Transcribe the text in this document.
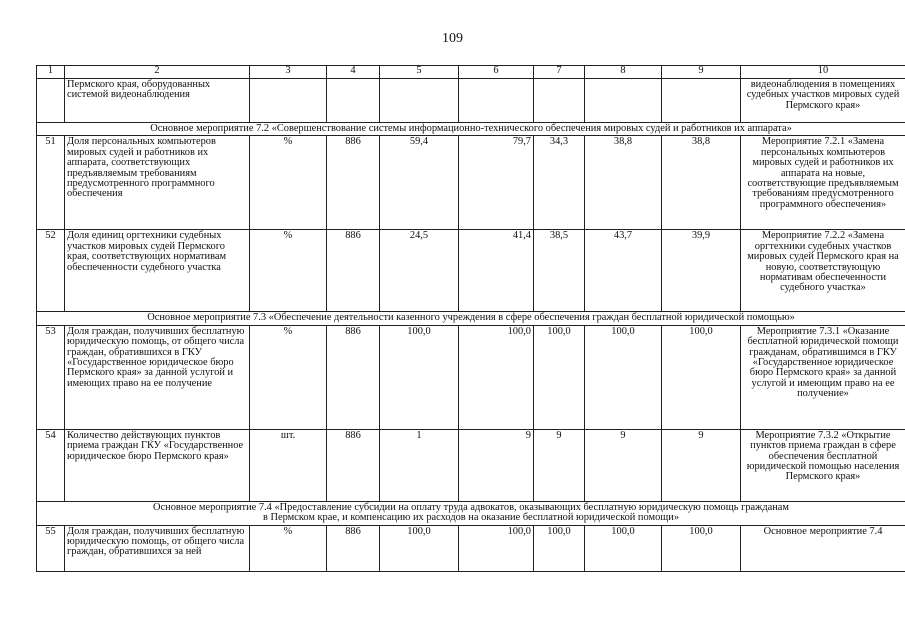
109
1	2	3	4	5	6	7	8	9	10
	Пермского края, оборудованных системой видеонаблюдения								видеонаблюдения в помещениях судебных участков мировых судей Пермского края»
Основное мероприятие 7.2 «Совершенствование системы информационно-технического обеспечения мировых судей и работников их аппарата»									
51	Доля персональных компьютеров мировых судей и работников их аппарата, соответствующих предъявляемым требованиям предусмотренного программного обеспечения	%	886	59,4	79,7	34,3	38,8	38,8	Мероприятие 7.2.1 «Замена персональных компьютеров мировых судей и работников их аппарата на новые, соответствующие предъявляемым требованиям предусмотренного программного обеспечения»
52	Доля единиц оргтехники судебных участков мировых судей Пермского края, соответствующих нормативам обеспеченности судебного участка	%	886	24,5	41,4	38,5	43,7	39,9	Мероприятие 7.2.2 «Замена оргтехники судебных участков мировых судей Пермского края на новую, соответствующую нормативам обеспеченности судебного участка»
Основное мероприятие 7.3 «Обеспечение деятельности казенного учреждения в сфере обеспечения граждан бесплатной юридической помощью»									
53	Доля граждан, получивших бесплатную юридическую помощь, от общего числа граждан, обратившихся в ГКУ «Государственное юридическое бюро Пермского края» за данной услугой и имеющих право на ее получение	%	886	100,0	100,0	100,0	100,0	100,0	Мероприятие 7.3.1 «Оказание бесплатной юридической помощи гражданам, обратившимся в ГКУ «Государственное юридическое бюро Пермского края» за данной услугой и имеющим право на ее получение»
54	Количество действующих пунктов приема граждан ГКУ «Государственное юридическое бюро Пермского края»	шт.	886	1	9	9	9	9	Мероприятие 7.3.2 «Открытие пунктов приема граждан в сфере обеспечения бесплатной юридической помощью населения Пермского края»

Основное мероприятие 7.4 «Предоставление субсидии на оплату труда адвокатов, оказывающих бесплатную юридическую помощь гражданам
в Пермском крае, и компенсацию их расходов на оказание бесплатной юридической помощи»									

55	Доля граждан, получивших бесплатную юридическую помощь, от общего числа граждан, обратившихся за ней	%	886	100,0	100,0	100,0	100,0	100,0	Основное мероприятие 7.4
